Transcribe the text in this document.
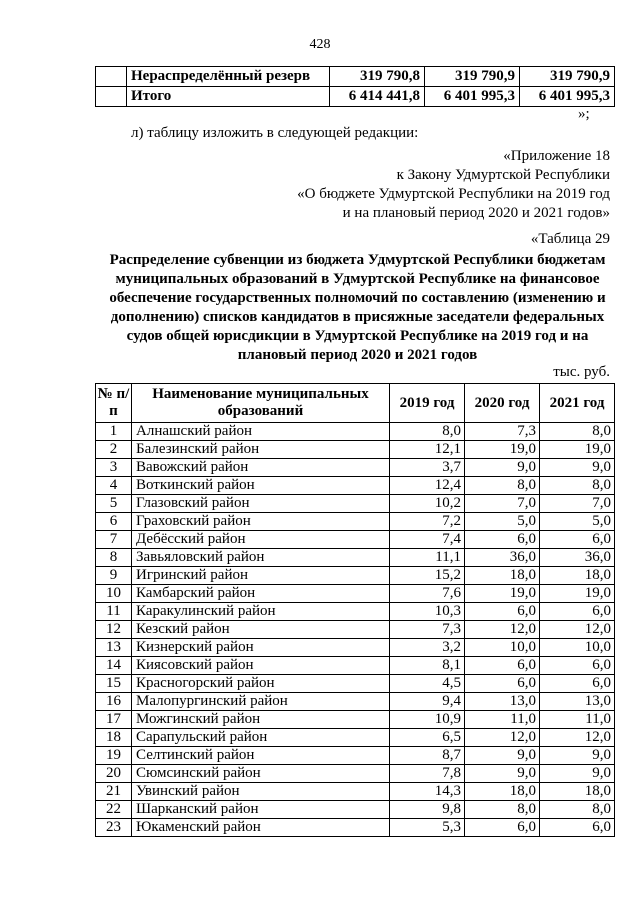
428
	Нераспределённый резерв	319 790,8	319 790,9	319 790,9
	Итого	6 414 441,8	6 401 995,3	6 401 995,3
»;
л) таблицу изложить в следующей редакции:
«Приложение 18
к Закону Удмуртской Республики
«О бюджете Удмуртской Республики на 2019 год
и на плановый период 2020 и 2021 годов»
«Таблица 29
Распределение субвенции из бюджета Удмуртской Республики бюджетам муниципальных образований в Удмуртской Республике на финансовое обеспечение государственных полномочий по составлению (изменению и дополнению) списков кандидатов в присяжные заседатели федеральных судов общей юрисдикции в Удмуртской Республике на 2019 год и на плановый период 2020 и 2021 годов
тыс. руб.
№ п/п	Наименование муниципальных образований	2019 год	2020 год	2021 год
1	Алнашский район	8,0	7,3	8,0
2	Балезинский район	12,1	19,0	19,0
3	Вавожский район	3,7	9,0	9,0
4	Воткинский район	12,4	8,0	8,0
5	Глазовский район	10,2	7,0	7,0
6	Граховский район	7,2	5,0	5,0
7	Дебёсский район	7,4	6,0	6,0
8	Завьяловский район	11,1	36,0	36,0
9	Игринский район	15,2	18,0	18,0
10	Камбарский район	7,6	19,0	19,0
11	Каракулинский район	10,3	6,0	6,0
12	Кезский район	7,3	12,0	12,0
13	Кизнерский район	3,2	10,0	10,0
14	Киясовский район	8,1	6,0	6,0
15	Красногорский район	4,5	6,0	6,0
16	Малопургинский район	9,4	13,0	13,0
17	Можгинский район	10,9	11,0	11,0
18	Сарапульский район	6,5	12,0	12,0
19	Селтинский район	8,7	9,0	9,0
20	Сюмсинский район	7,8	9,0	9,0
21	Увинский район	14,3	18,0	18,0
22	Шарканский район	9,8	8,0	8,0
23	Юкаменский район	5,3	6,0	6,0
